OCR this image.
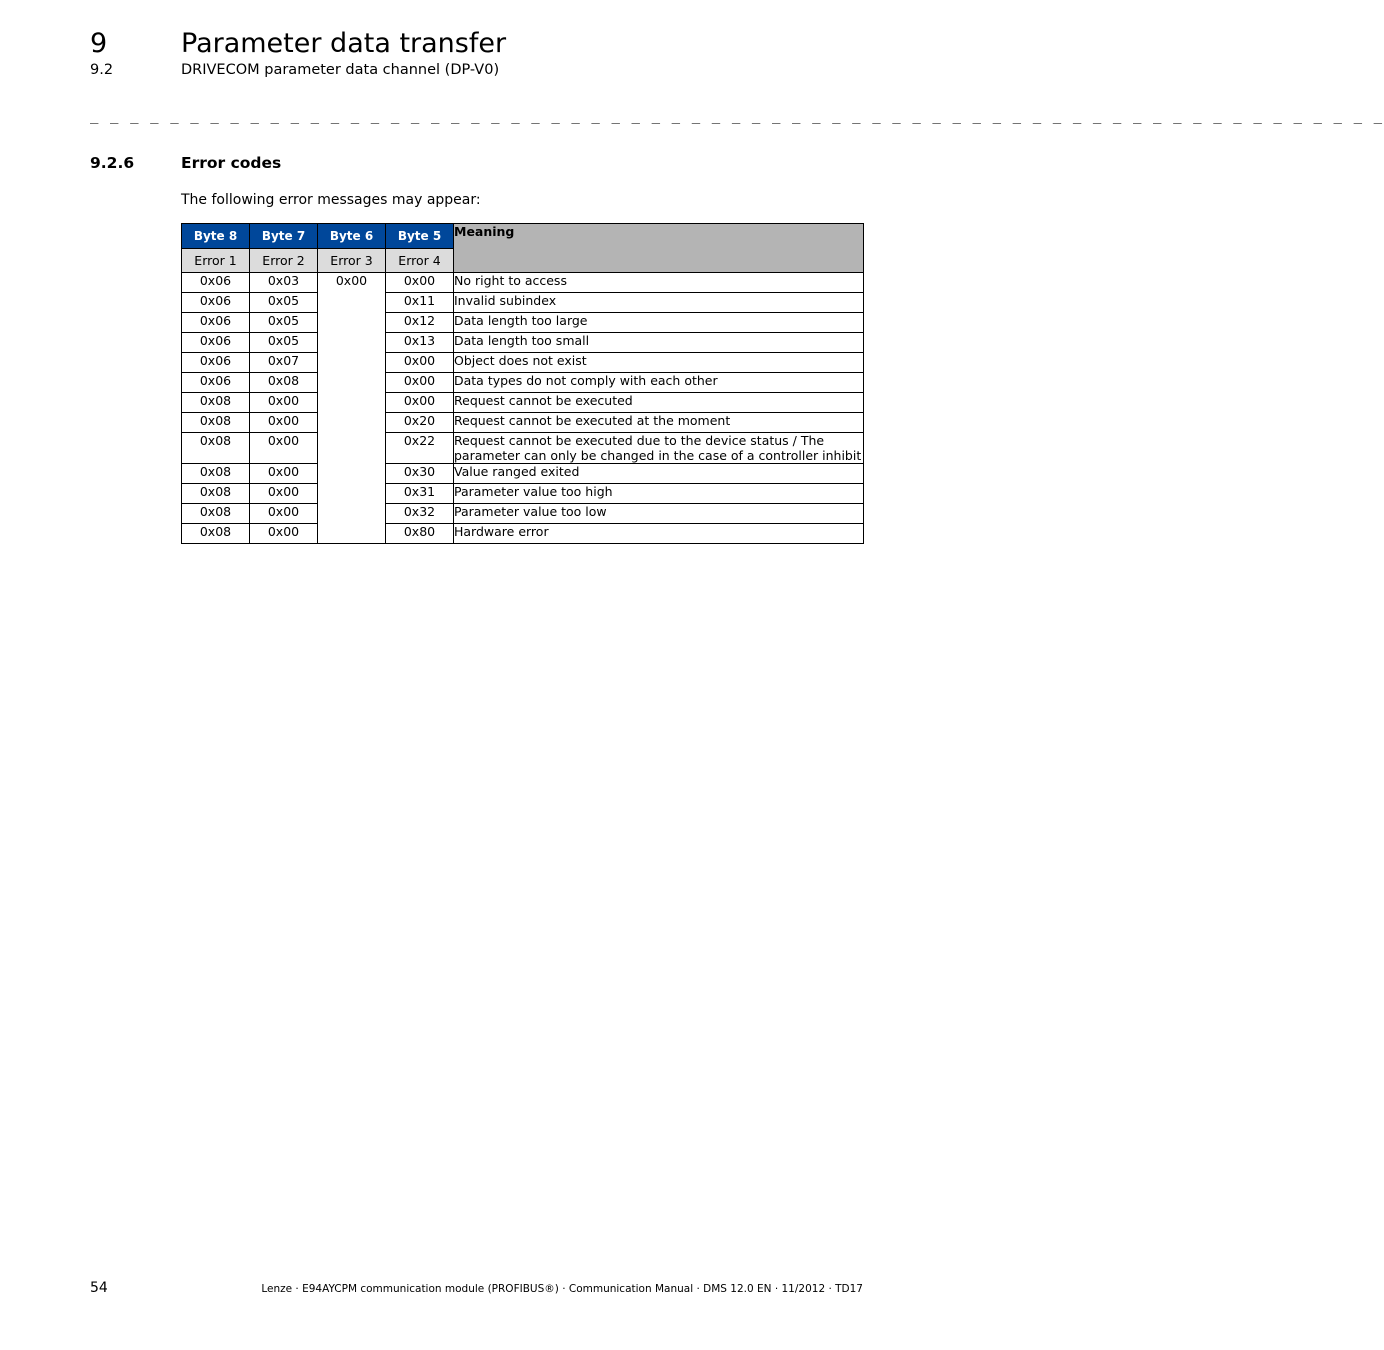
9	Parameter data transfer
9.2	DRIVECOM parameter data channel (DP-V0)
_ _ _ _ _ _ _ _ _ _ _ _ _ _ _ _ _ _ _ _ _ _ _ _ _ _ _ _ _ _ _ _ _ _ _ _ _ _ _ _ _ _ _ _ _ _ _ _ _ _ _ _ _ _ _ _ _ _ _ _ _ _ _ _ _
9.2.6	Error codes
The following error messages may appear:
Byte 8	Byte 7	Byte 6	Byte 5	Meaning
Error 1	Error 2	Error 3	Error 4	
0x06	0x03	0x00	0x00	No right to access
0x06	0x05		0x11	Invalid subindex
0x06	0x05		0x12	Data length too large
0x06	0x05		0x13	Data length too small
0x06	0x07		0x00	Object does not exist
0x06	0x08		0x00	Data types do not comply with each other
0x08	0x00		0x00	Request cannot be executed
0x08	0x00		0x20	Request cannot be executed at the moment
0x08	0x00		0x22	Request cannot be executed due to the device status / The parameter can only be changed in the case of a controller inhibit
0x08	0x00		0x30	Value ranged exited
0x08	0x00		0x31	Parameter value too high
0x08	0x00		0x32	Parameter value too low
0x08	0x00		0x80	Hardware error
54	Lenze · E94AYCPM communication module (PROFIBUS®) · Communication Manual · DMS 12.0 EN · 11/2012 · TD17
